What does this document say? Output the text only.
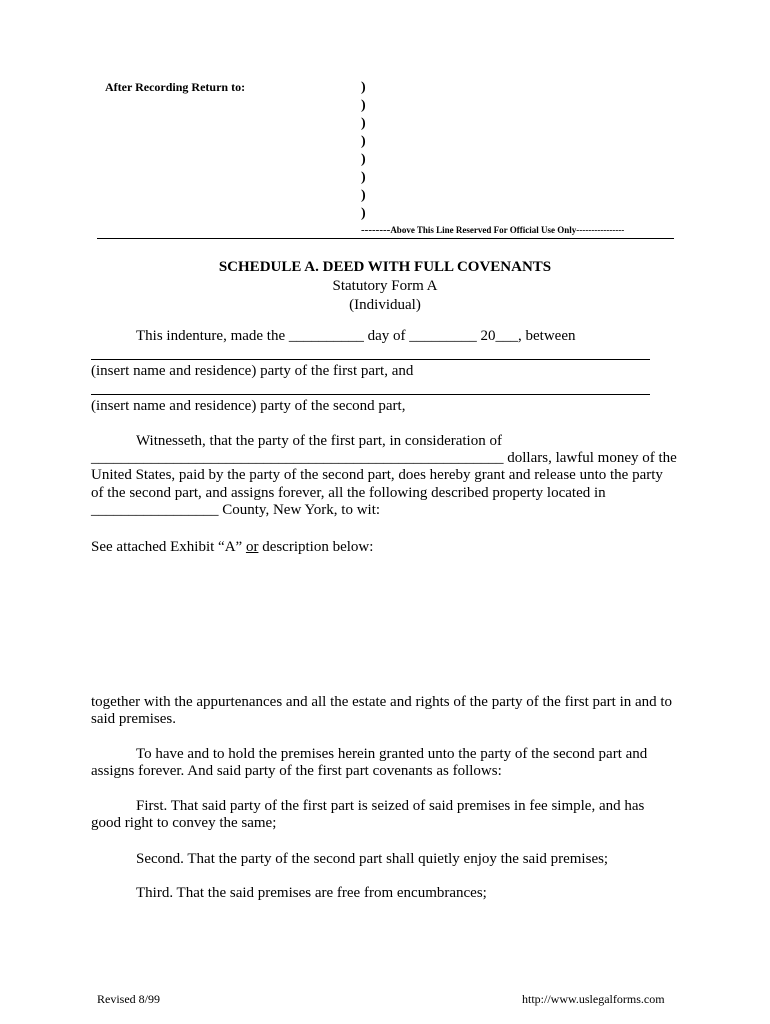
After Recording Return to:	)
)
)
)
)
)
)
)
--------Above This Line Reserved For Official Use Only----------------
SCHEDULE A. DEED WITH FULL COVENANTS
Statutory Form A
(Individual)
This indenture, made the __________ day of _________ 20___, between
(insert name and residence) party of the first part, and
(insert name and residence) party of the second part,
Witnesseth, that the party of the first part, in consideration of
_______________________________________________________ dollars, lawful money of the
United States, paid by the party of the second part, does hereby grant and release unto the party
of the second part, and assigns forever, all the following described property located in
_________________ County, New York, to wit:
See attached Exhibit “A” or description below:
together with the appurtenances and all the estate and rights of the party of the first part in and to
said premises.
To have and to hold the premises herein granted unto the party of the second part and
assigns forever. And said party of the first part covenants as follows:
First. That said party of the first part is seized of said premises in fee simple, and has
good right to convey the same;
Second. That the party of the second part shall quietly enjoy the said premises;
Third. That the said premises are free from encumbrances;
Revised 8/99	http://www.uslegalforms.com
